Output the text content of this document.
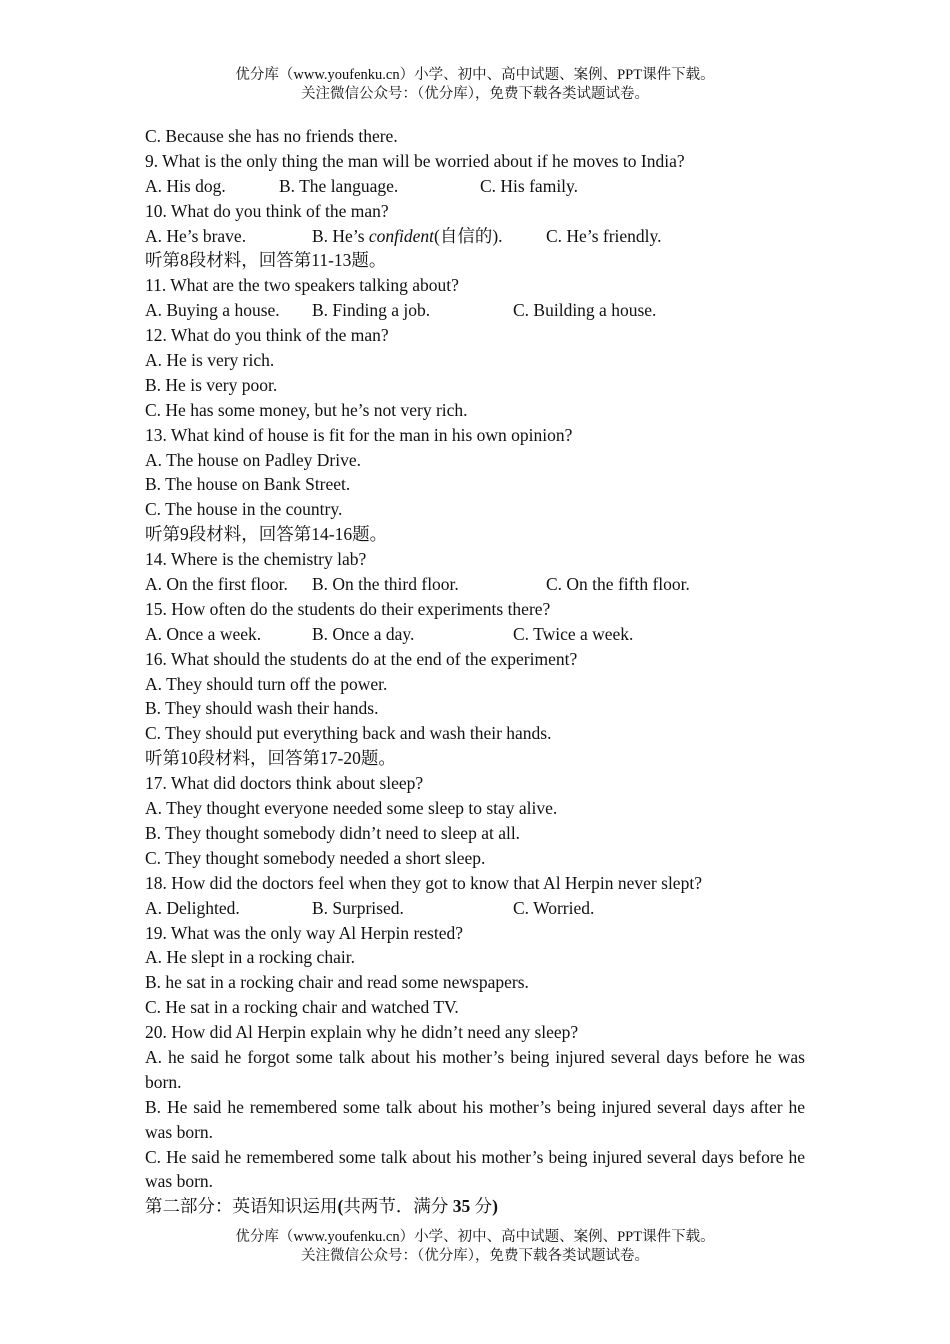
优分库（www.youfenku.cn）小学、初中、高中试题、案例、PPT课件下载。
关注微信公众号：（优分库），免费下载各类试题试卷。
C. Because she has no friends there.
9. What is the only thing the man will be worried about if he moves to India?
A. His dog.	B. The language.	C. His family.
10. What do you think of the man?
A. He’s brave.	B. He’s confident(自信的). C. He’s friendly.
听第8段材料，回答第11-13题。
11. What are the two speakers talking about?
A. Buying a house. B. Finding a job.	C. Building a house.
12. What do you think of the man?
A. He is very rich.
B. He is very poor.
C. He has some money, but he’s not very rich.
13. What kind of house is fit for the man in his own opinion?
A. The house on Padley Drive.
B. The house on Bank Street.
C. The house in the country.
听第9段材料，回答第14-16题。
14. Where is the chemistry lab?
A. On the first floor. B. On the third floor.	C. On the fifth floor.
15. How often do the students do their experiments there?
A. Once a week.	B. Once a day.	C. Twice a week.
16. What should the students do at the end of the experiment?
A. They should turn off the power.
B. They should wash their hands.
C. They should put everything back and wash their hands.
听第10段材料，回答第17-20题。
17. What did doctors think about sleep?
A. They thought everyone needed some sleep to stay alive.
B. They thought somebody didn’t need to sleep at all.
C. They thought somebody needed a short sleep.
18. How did the doctors feel when they got to know that Al Herpin never slept?
A. Delighted.	B. Surprised.	C. Worried.
19. What was the only way Al Herpin rested?
A. He slept in a rocking chair.
B. he sat in a rocking chair and read some newspapers.
C. He sat in a rocking chair and watched TV.
20. How did Al Herpin explain why he didn’t need any sleep?
A. he said he forgot some talk about his mother’s being injured several days before he was born.
B. He said he remembered some talk about his mother’s being injured several days after he was born.
C. He said he remembered some talk about his mother’s being injured several days before he was born.
第二部分：英语知识运用(共两节．满分 35 分)
优分库（www.youfenku.cn）小学、初中、高中试题、案例、PPT课件下载。
关注微信公众号：（优分库），免费下载各类试题试卷。
